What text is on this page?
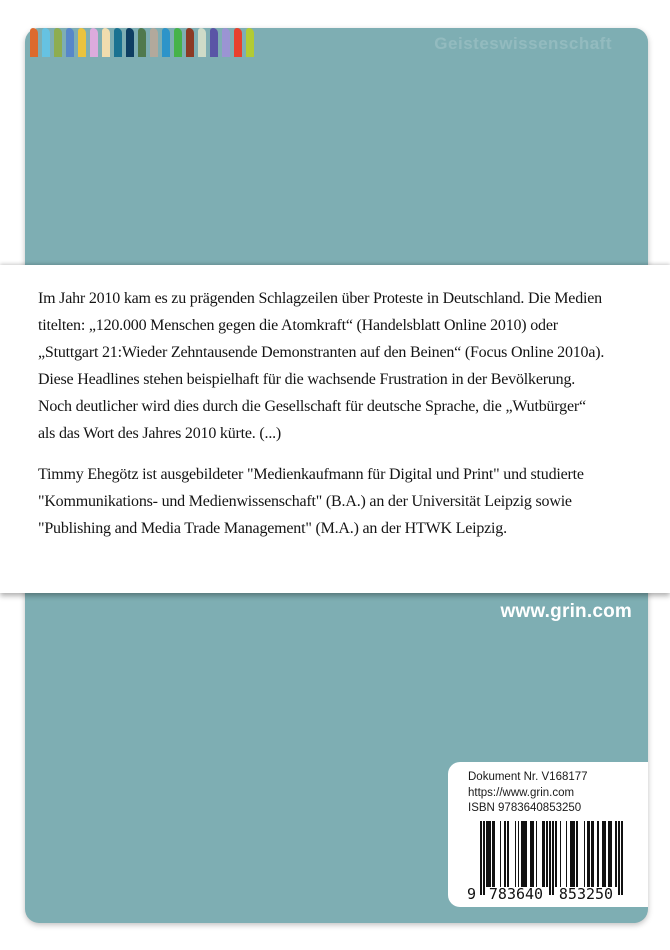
Geisteswissenschaft
Im Jahr 2010 kam es zu prägenden Schlagzeilen über Proteste in Deutschland. Die Medien
titelten: „120.000 Menschen gegen die Atomkraft“ (Handelsblatt Online 2010) oder
„Stuttgart 21:Wieder Zehntausende Demonstranten auf den Beinen“ (Focus Online 2010a).
Diese Headlines stehen beispielhaft für die wachsende Frustration in der Bevölkerung.
Noch deutlicher wird dies durch die Gesellschaft für deutsche Sprache, die „Wutbürger“
als das Wort des Jahres 2010 kürte. (...)
Timmy Ehegötz ist ausgebildeter "Medienkaufmann für Digital und Print" und studierte
"Kommunikations- und Medienwissenschaft" (B.A.) an der Universität Leipzig sowie
"Publishing and Media Trade Management" (M.A.) an der HTWK Leipzig.
www.grin.com
Dokument Nr. V168177
https://www.grin.com
ISBN 9783640853250
9 783640 853250
